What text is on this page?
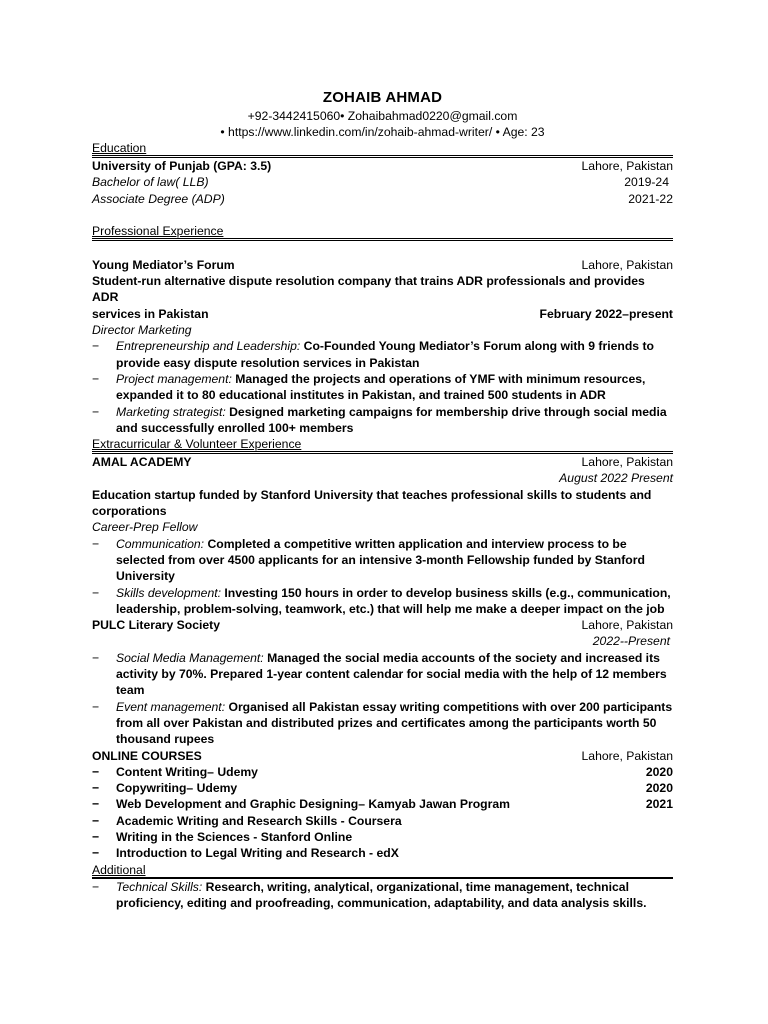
ZOHAIB AHMAD
+92-3442415060• Zohaibahmad0220@gmail.com
• https://www.linkedin.com/in/zohaib-ahmad-writer/ • Age: 23
Education
University of Punjab (GPA: 3.5)	Lahore, Pakistan
Bachelor of law( LLB)	2019-24
Associate Degree (ADP)	2021-22
Professional Experience
Young Mediator’s Forum	Lahore, Pakistan
Student-run alternative dispute resolution company that trains ADR professionals and provides ADR
services in Pakistan	February 2022–present
Director Marketing
− Entrepreneurship and Leadership: Co-Founded Young Mediator’s Forum along with 9 friends to provide easy dispute resolution services in Pakistan
− Project management: Managed the projects and operations of YMF with minimum resources, expanded it to 80 educational institutes in Pakistan, and trained 500 students in ADR
− Marketing strategist: Designed marketing campaigns for membership drive through social media and successfully enrolled 100+ members
Extracurricular & Volunteer Experience
AMAL ACADEMY	Lahore, Pakistan
August 2022 Present
Education startup funded by Stanford University that teaches professional skills to students and corporations
Career-Prep Fellow
− Communication: Completed a competitive written application and interview process to be selected from over 4500 applicants for an intensive 3-month Fellowship funded by Stanford University
− Skills development: Investing 150 hours in order to develop business skills (e.g., communication, leadership, problem-solving, teamwork, etc.) that will help me make a deeper impact on the job
PULC Literary Society	Lahore, Pakistan
2022--Present
− Social Media Management: Managed the social media accounts of the society and increased its activity by 70%. Prepared 1-year content calendar for social media with the help of 12 members team
− Event management: Organised all Pakistan essay writing competitions with over 200 participants from all over Pakistan and distributed prizes and certificates among the participants worth 50 thousand rupees
ONLINE COURSES	Lahore, Pakistan
− Content Writing– Udemy	2020
− Copywriting– Udemy	2020
− Web Development and Graphic Designing– Kamyab Jawan Program	2021
− Academic Writing and Research Skills - Coursera
− Writing in the Sciences - Stanford Online
− Introduction to Legal Writing and Research - edX
Additional
− Technical Skills: Research, writing, analytical, organizational, time management, technical proficiency, editing and proofreading, communication, adaptability, and data analysis skills.
